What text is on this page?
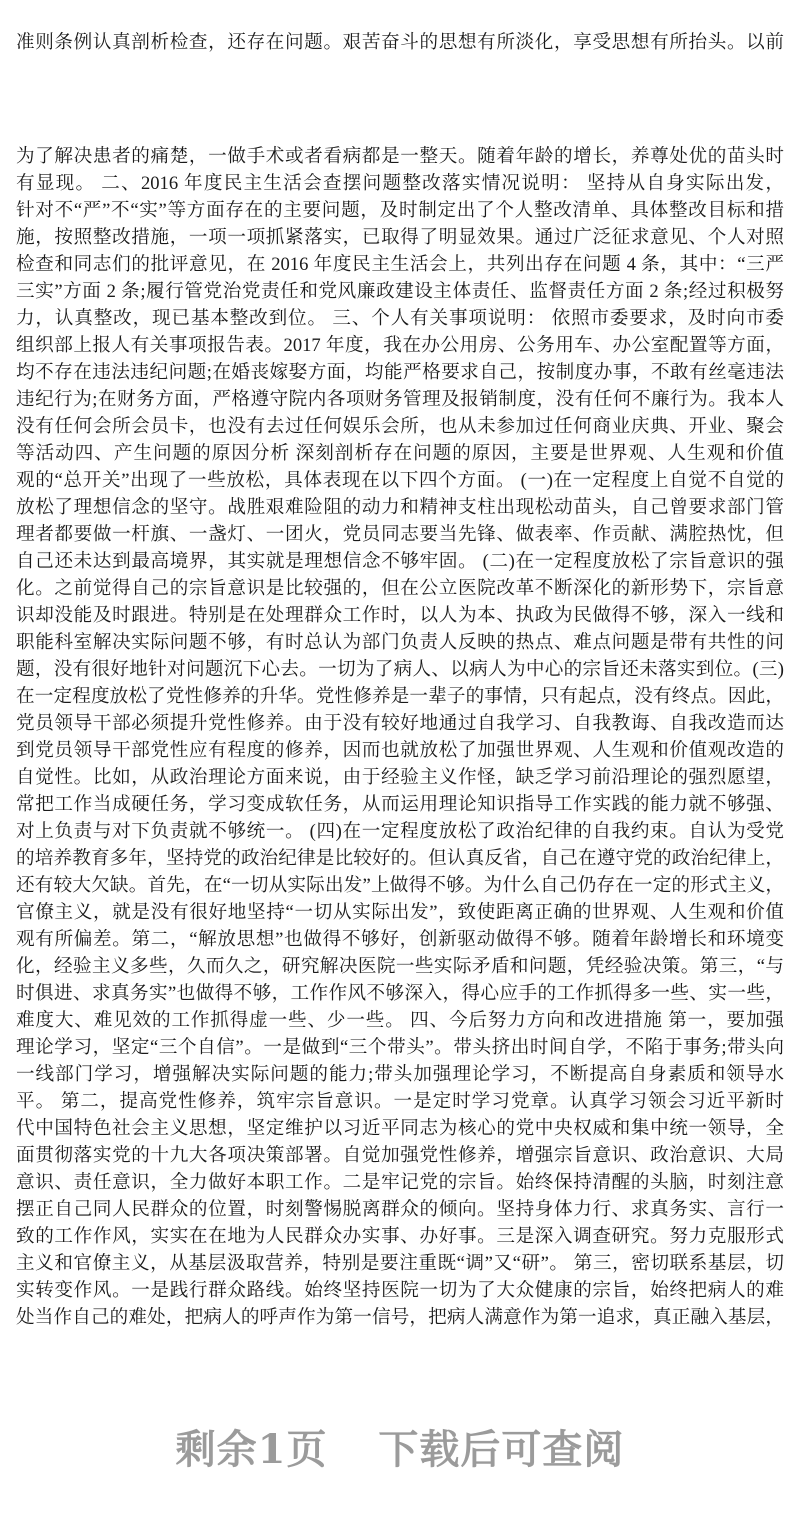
准则条例认真剖析检查，还存在问题。艰苦奋斗的思想有所淡化，享受思想有所抬头。以前
为了解决患者的痛楚，一做手术或者看病都是一整天。随着年龄的增长，养尊处优的苗头时
有显现。 二、2016 年度民主生活会查摆问题整改落实情况说明： 坚持从自身实际出发，
针对不“严”不“实”等方面存在的主要问题，及时制定出了个人整改清单、具体整改目标和措
施，按照整改措施，一项一项抓紧落实，已取得了明显效果。通过广泛征求意见、个人对照
检查和同志们的批评意见，在 2016 年度民主生活会上，共列出存在问题 4 条，其中：“三严
三实”方面 2 条;履行管党治党责任和党风廉政建设主体责任、监督责任方面 2 条;经过积极努
力，认真整改，现已基本整改到位。 三、个人有关事项说明： 依照市委要求，及时向市委
组织部上报人有关事项报告表。2017 年度，我在办公用房、公务用车、办公室配置等方面，
均不存在违法违纪问题;在婚丧嫁娶方面，均能严格要求自己，按制度办事，不敢有丝毫违法
违纪行为;在财务方面，严格遵守院内各项财务管理及报销制度，没有任何不廉行为。我本人
没有任何会所会员卡，也没有去过任何娱乐会所，也从未参加过任何商业庆典、开业、聚会
等活动四、产生问题的原因分析 深刻剖析存在问题的原因，主要是世界观、人生观和价值
观的“总开关”出现了一些放松，具体表现在以下四个方面。 (一)在一定程度上自觉不自觉的
放松了理想信念的坚守。战胜艰难险阻的动力和精神支柱出现松动苗头，自己曾要求部门管
理者都要做一杆旗、一盏灯、一团火，党员同志要当先锋、做表率、作贡献、满腔热忱，但
自己还未达到最高境界，其实就是理想信念不够牢固。 (二)在一定程度放松了宗旨意识的强
化。之前觉得自己的宗旨意识是比较强的，但在公立医院改革不断深化的新形势下，宗旨意
识却没能及时跟进。特别是在处理群众工作时，以人为本、执政为民做得不够，深入一线和
职能科室解决实际问题不够，有时总认为部门负责人反映的热点、难点问题是带有共性的问
题，没有很好地针对问题沉下心去。一切为了病人、以病人为中心的宗旨还未落实到位。(三)
在一定程度放松了党性修养的升华。党性修养是一辈子的事情，只有起点，没有终点。因此，
党员领导干部必须提升党性修养。由于没有较好地通过自我学习、自我教诲、自我改造而达
到党员领导干部党性应有程度的修养，因而也就放松了加强世界观、人生观和价值观改造的
自觉性。比如，从政治理论方面来说，由于经验主义作怪，缺乏学习前沿理论的强烈愿望，
常把工作当成硬任务，学习变成软任务，从而运用理论知识指导工作实践的能力就不够强、
对上负责与对下负责就不够统一。 (四)在一定程度放松了政治纪律的自我约束。自认为受党
的培养教育多年，坚持党的政治纪律是比较好的。但认真反省，自己在遵守党的政治纪律上，
还有较大欠缺。首先，在“一切从实际出发”上做得不够。为什么自己仍存在一定的形式主义，
官僚主义，就是没有很好地坚持“一切从实际出发”，致使距离正确的世界观、人生观和价值
观有所偏差。第二，“解放思想”也做得不够好，创新驱动做得不够。随着年龄增长和环境变
化，经验主义多些，久而久之，研究解决医院一些实际矛盾和问题，凭经验决策。第三，“与
时俱进、求真务实”也做得不够，工作作风不够深入，得心应手的工作抓得多一些、实一些，
难度大、难见效的工作抓得虚一些、少一些。 四、今后努力方向和改进措施 第一，要加强
理论学习，坚定“三个自信”。一是做到“三个带头”。带头挤出时间自学，不陷于事务;带头向
一线部门学习，增强解决实际问题的能力;带头加强理论学习，不断提高自身素质和领导水
平。 第二，提高党性修养，筑牢宗旨意识。一是定时学习党章。认真学习领会习近平新时
代中国特色社会主义思想，坚定维护以习近平同志为核心的党中央权威和集中统一领导，全
面贯彻落实党的十九大各项决策部署。自觉加强党性修养，增强宗旨意识、政治意识、大局
意识、责任意识，全力做好本职工作。二是牢记党的宗旨。始终保持清醒的头脑，时刻注意
摆正自己同人民群众的位置，时刻警惕脱离群众的倾向。坚持身体力行、求真务实、言行一
致的工作作风，实实在在地为人民群众办实事、办好事。三是深入调查研究。努力克服形式
主义和官僚主义，从基层汲取营养，特别是要注重既“调”又“研”。 第三，密切联系基层，切
实转变作风。一是践行群众路线。始终坚持医院一切为了大众健康的宗旨，始终把病人的难
处当作自己的难处，把病人的呼声作为第一信号，把病人满意作为第一追求，真正融入基层，
剩余1页 下载后可查阅
